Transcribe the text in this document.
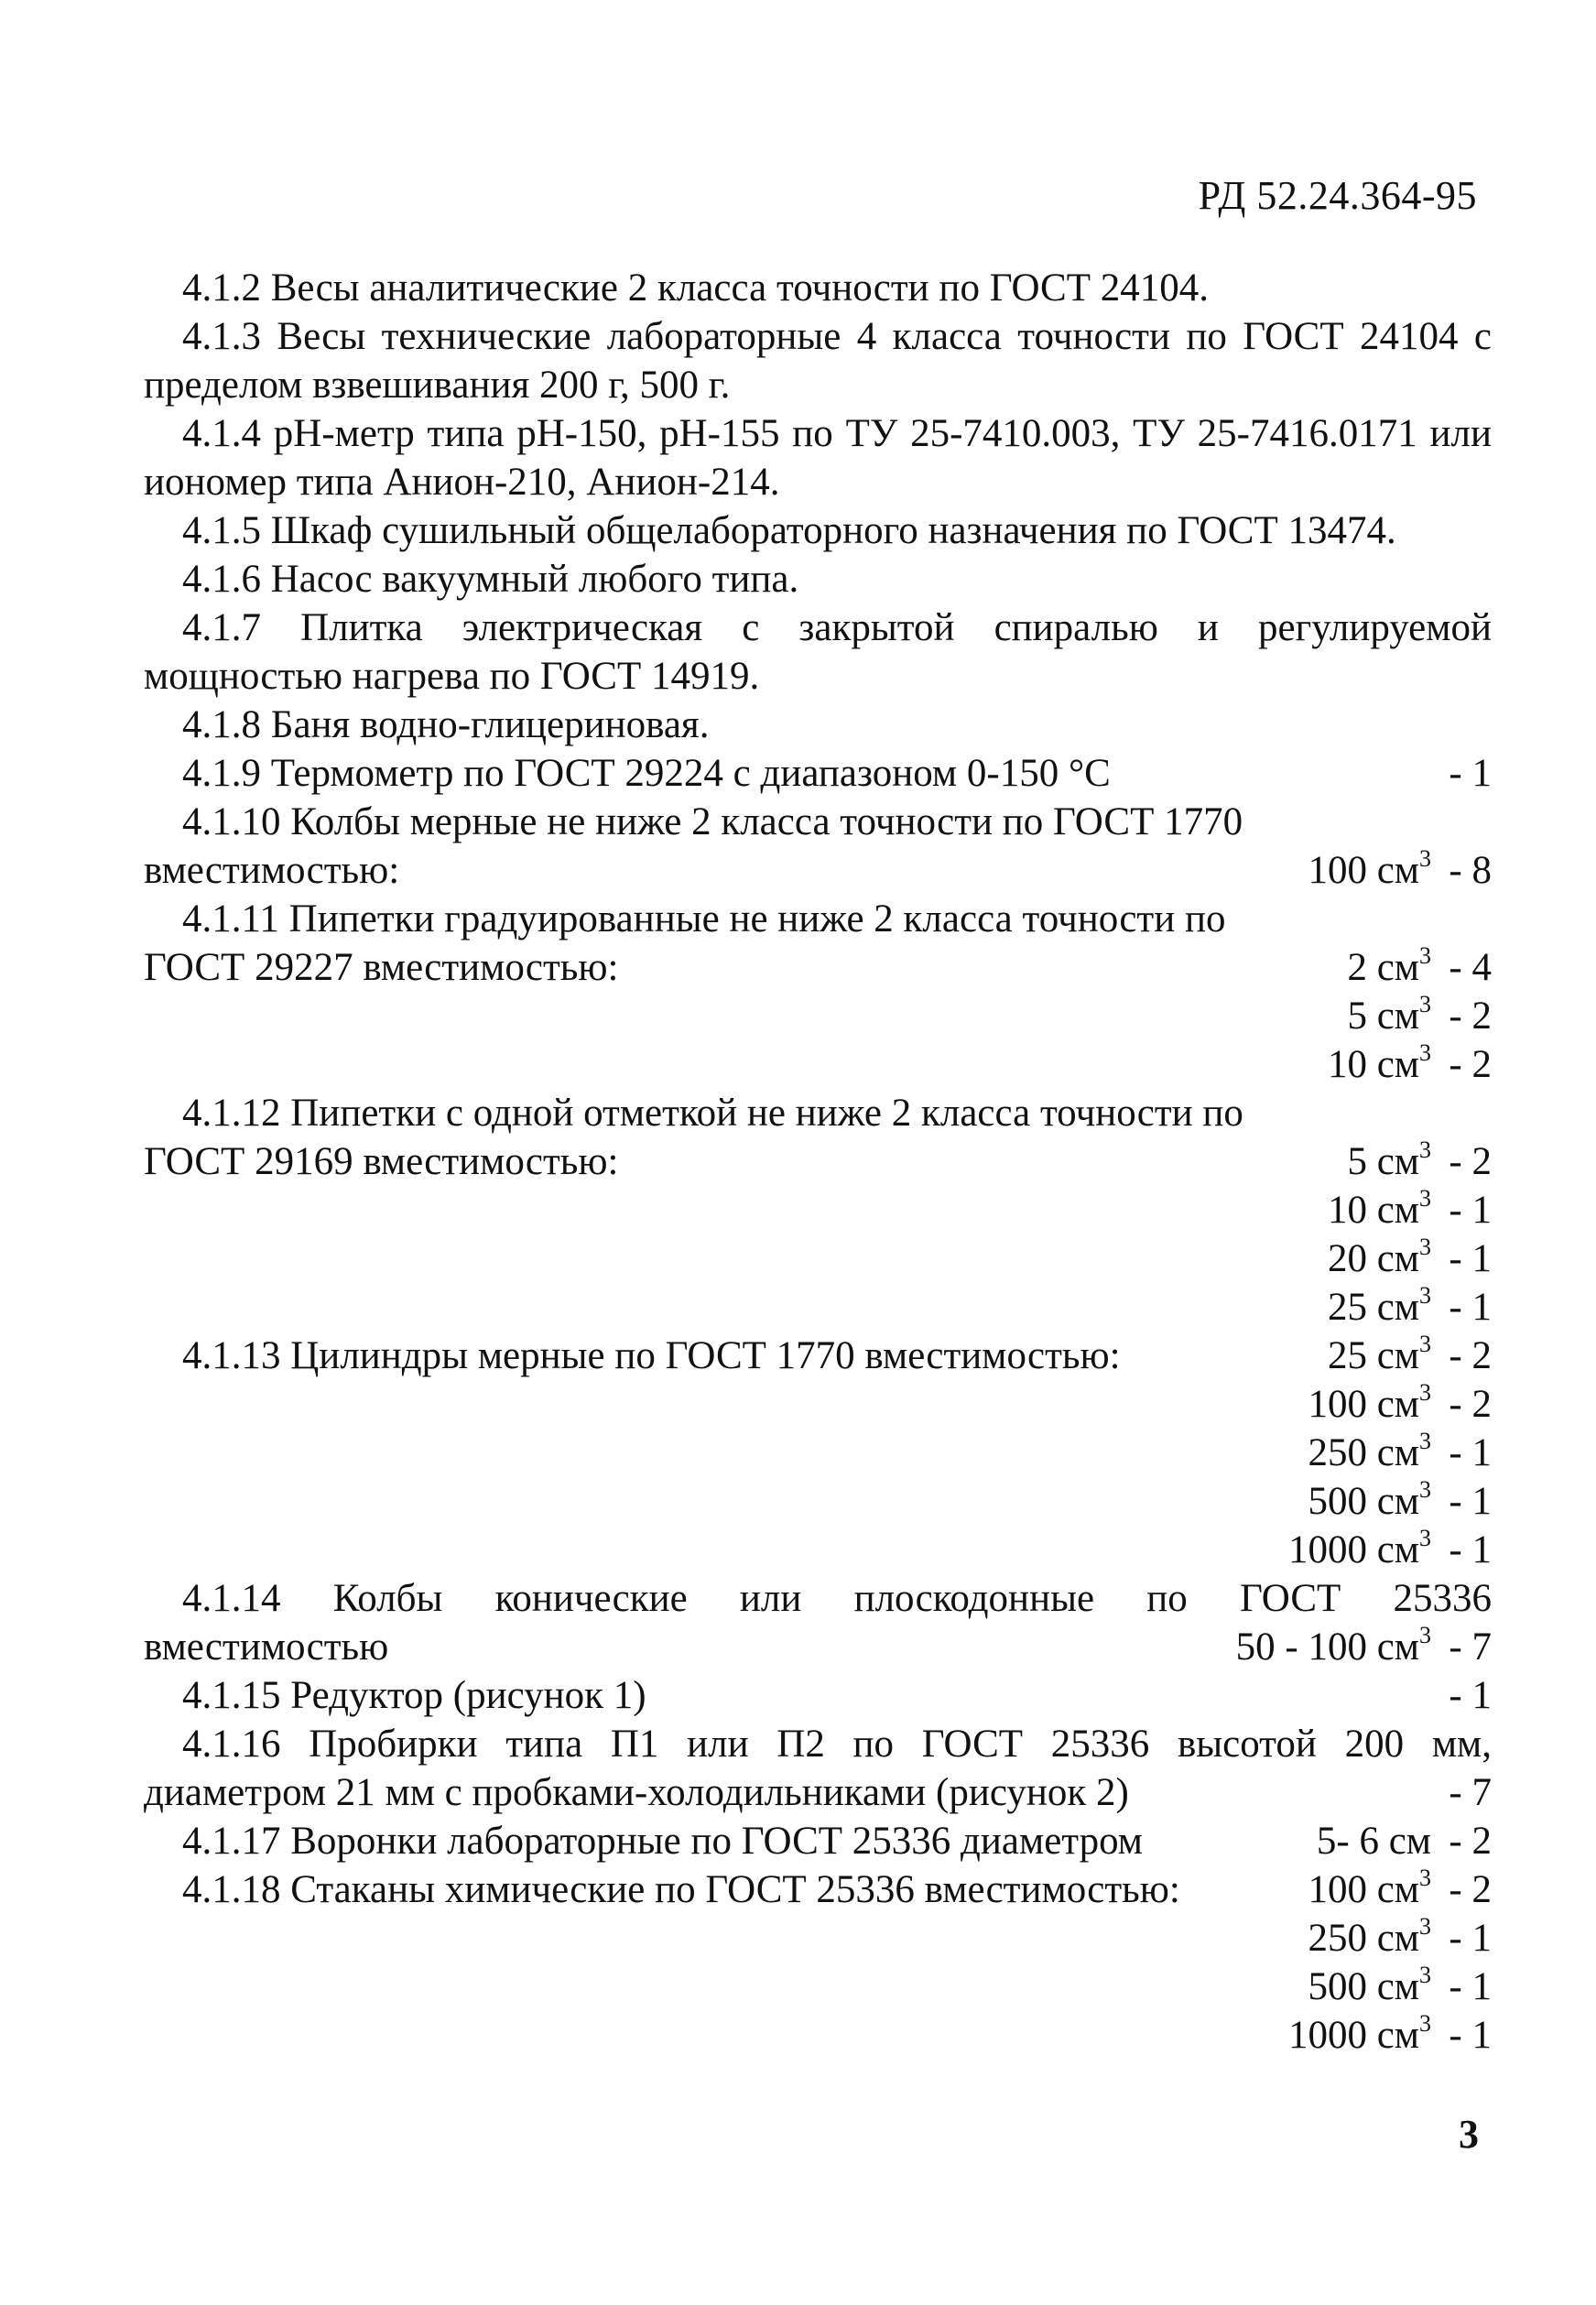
РД 52.24.364-95

4.1.2 Весы аналитические 2 класса точности по ГОСТ 24104.

4.1.3 Весы технические лабораторные 4 класса точности по ГОСТ 24104 с пределом взвешивания 200 г, 500 г.

4.1.4 рН-метр типа рН-150, рН-155 по ТУ 25-7410.003, ТУ 25-7416.0171 или иономер типа Анион-210, Анион-214.

4.1.5 Шкаф сушильный общелабораторного назначения по ГОСТ 13474.

4.1.6 Насос вакуумный любого типа.

4.1.7 Плитка электрическая с закрытой спиралью и регулируемой мощностью нагрева по ГОСТ 14919.

4.1.8 Баня водно-глицериновая.

4.1.9 Термометр по ГОСТ 29224 с диапазоном 0-150 °С	- 1
4.1.10 Колбы мерные не ниже 2 класса точности по ГОСТ 1770
вместимостью:	100 $см^3 - 8$
4.1.11 Пипетки градуированные не ниже 2 класса точности по
ГОСТ 29227 вместимостью:	2 $см^3 - 4$
5 $см^3 - 2$
10 $см^3 - 2$
4.1.12 Пипетки с одной отметкой не ниже 2 класса точности по
ГОСТ 29169 вместимостью:	5 $см^3 - 2$
10 $см^3 - 1$
20 $см^3 - 1$
25 $см^3 - 1$
4.1.13 Цилиндры мерные по ГОСТ 1770 вместимостью:	25 $см^3 - 2$
100 $см^3 - 2$
250 $см^3 - 1$
500 $см^3 - 1$
1000 $см^3 - 1$
4.1.14 Колбы конические или плоскодонные по ГОСТ 25336
вместимостью	50 - 100 $см^3 - 7$
4.1.15 Редуктор (рисунок 1)	- 1
4.1.16 Пробирки типа П1 или П2 по ГОСТ 25336 высотой 200 мм,
диаметром 21 мм с пробками-холодильниками (рисунок 2)	- 7
4.1.17 Воронки лабораторные по ГОСТ 25336 диаметром	5- 6 см - 2
4.1.18 Стаканы химические по ГОСТ 25336 вместимостью:	100 $см^3 - 2$
250 $см^3 - 1$
500 $см^3 - 1$
1000 $см^3 - 1$
3
